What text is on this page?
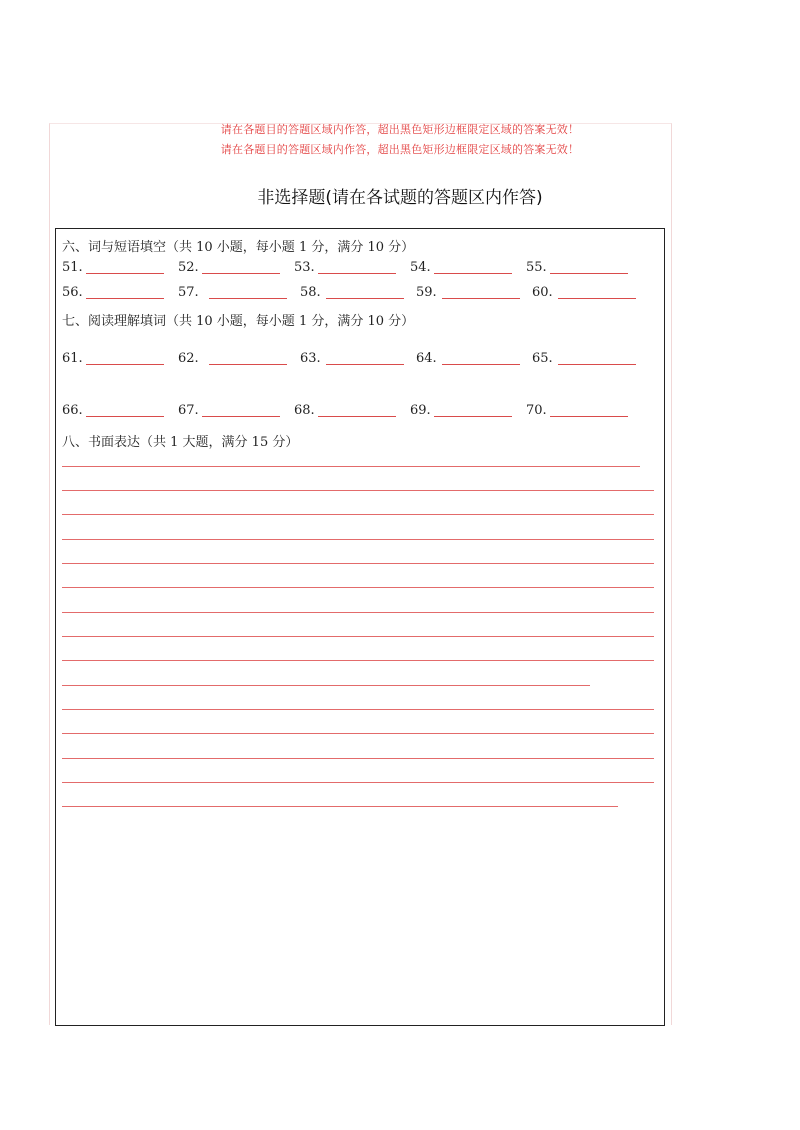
请在各题目的答题区域内作答，超出黑色矩形边框限定区域的答案无效！
请在各题目的答题区域内作答，超出黑色矩形边框限定区域的答案无效！
非选择题(请在各试题的答题区内作答)
六、词与短语填空（共 10 小题，每小题 1 分，满分 10 分）
51.	52.	53.	54.	55.
56.	57.	58.	59.	60.
七、阅读理解填词（共 10 小题，每小题 1 分，满分 10 分）
61.	62.	63.	64.	65.
66.	67.	68.	69.	70.
八、书面表达（共 1 大题，满分 15 分）
